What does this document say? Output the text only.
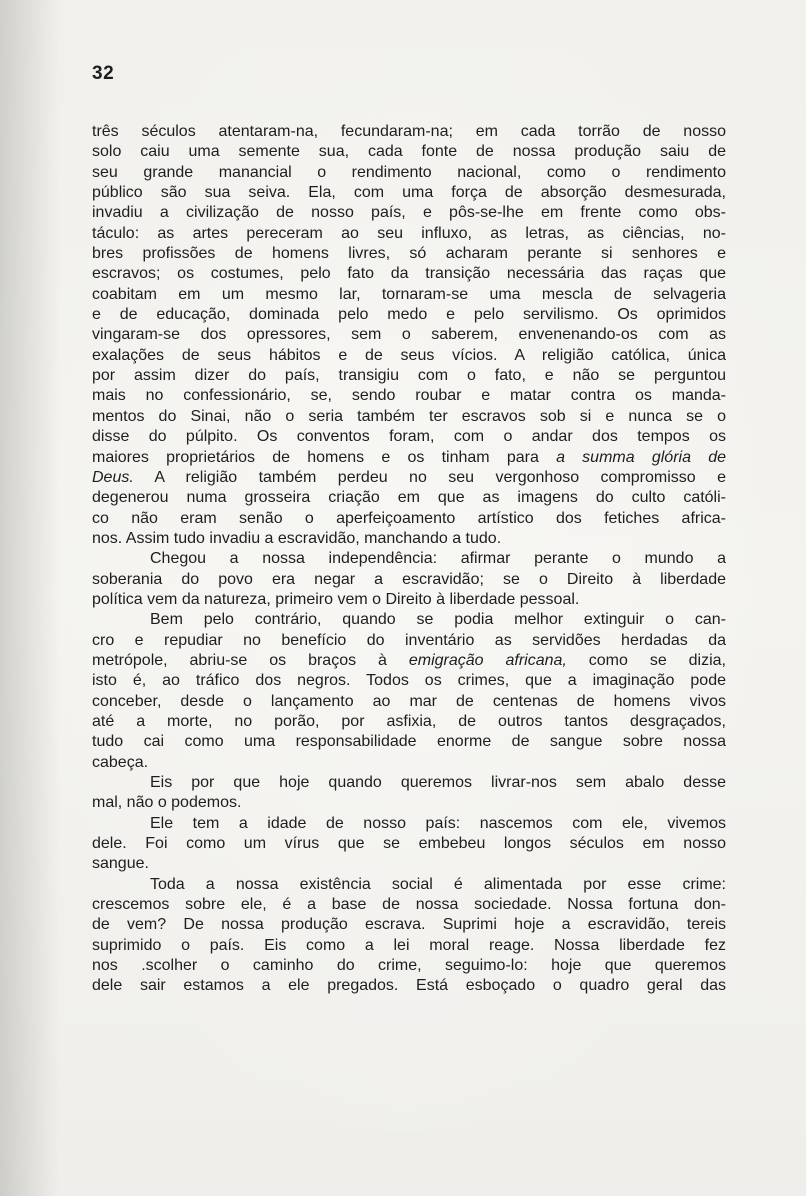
32
três séculos atentaram-na, fecundaram-na; em cada torrão de nosso
solo caiu uma semente sua, cada fonte de nossa produção saiu de
seu grande manancial o rendimento nacional, como o rendimento
público são sua seiva. Ela, com uma força de absorção desmesurada,
invadiu a civilização de nosso país, e pôs-se-lhe em frente como obs-
táculo: as artes pereceram ao seu influxo, as letras, as ciências, no-
bres profissões de homens livres, só acharam perante si senhores e
escravos; os costumes, pelo fato da transição necessária das raças que
coabitam em um mesmo lar, tornaram-se uma mescla de selvageria
e de educação, dominada pelo medo e pelo servilismo. Os oprimidos
vingaram-se dos opressores, sem o saberem, envenenando-os com as
exalações de seus hábitos e de seus vícios. A religião católica, única
por assim dizer do país, transigiu com o fato, e não se perguntou
mais no confessionário, se, sendo roubar e matar contra os manda-
mentos do Sinai, não o seria também ter escravos sob si e nunca se o
disse do púlpito. Os conventos foram, com o andar dos tempos os
maiores proprietários de homens e os tinham para a summa glória de
Deus. A religião também perdeu no seu vergonhoso compromisso e
degenerou numa grosseira criação em que as imagens do culto católi-
co não eram senão o aperfeiçoamento artístico dos fetiches africa-
nos. Assim tudo invadiu a escravidão, manchando a tudo.
Chegou a nossa independência: afirmar perante o mundo a
soberania do povo era negar a escravidão; se o Direito à liberdade
política vem da natureza, primeiro vem o Direito à liberdade pessoal.
Bem pelo contrário, quando se podia melhor extinguir o can-
cro e repudiar no benefício do inventário as servidões herdadas da
metrópole, abriu-se os braços à emigração africana, como se dizia,
isto é, ao tráfico dos negros. Todos os crimes, que a imaginação pode
conceber, desde o lançamento ao mar de centenas de homens vivos
até a morte, no porão, por asfixia, de outros tantos desgraçados,
tudo cai como uma responsabilidade enorme de sangue sobre nossa
cabeça.
Eis por que hoje quando queremos livrar-nos sem abalo desse
mal, não o podemos.
Ele tem a idade de nosso país: nascemos com ele, vivemos
dele. Foi como um vírus que se embebeu longos séculos em nosso
sangue.
Toda a nossa existência social é alimentada por esse crime:
crescemos sobre ele, é a base de nossa sociedade. Nossa fortuna don-
de vem? De nossa produção escrava. Suprimi hoje a escravidão, tereis
suprimido o país. Eis como a lei moral reage. Nossa liberdade fez
nos .scolher o caminho do crime, seguimo-lo: hoje que queremos
dele sair estamos a ele pregados. Está esboçado o quadro geral das
